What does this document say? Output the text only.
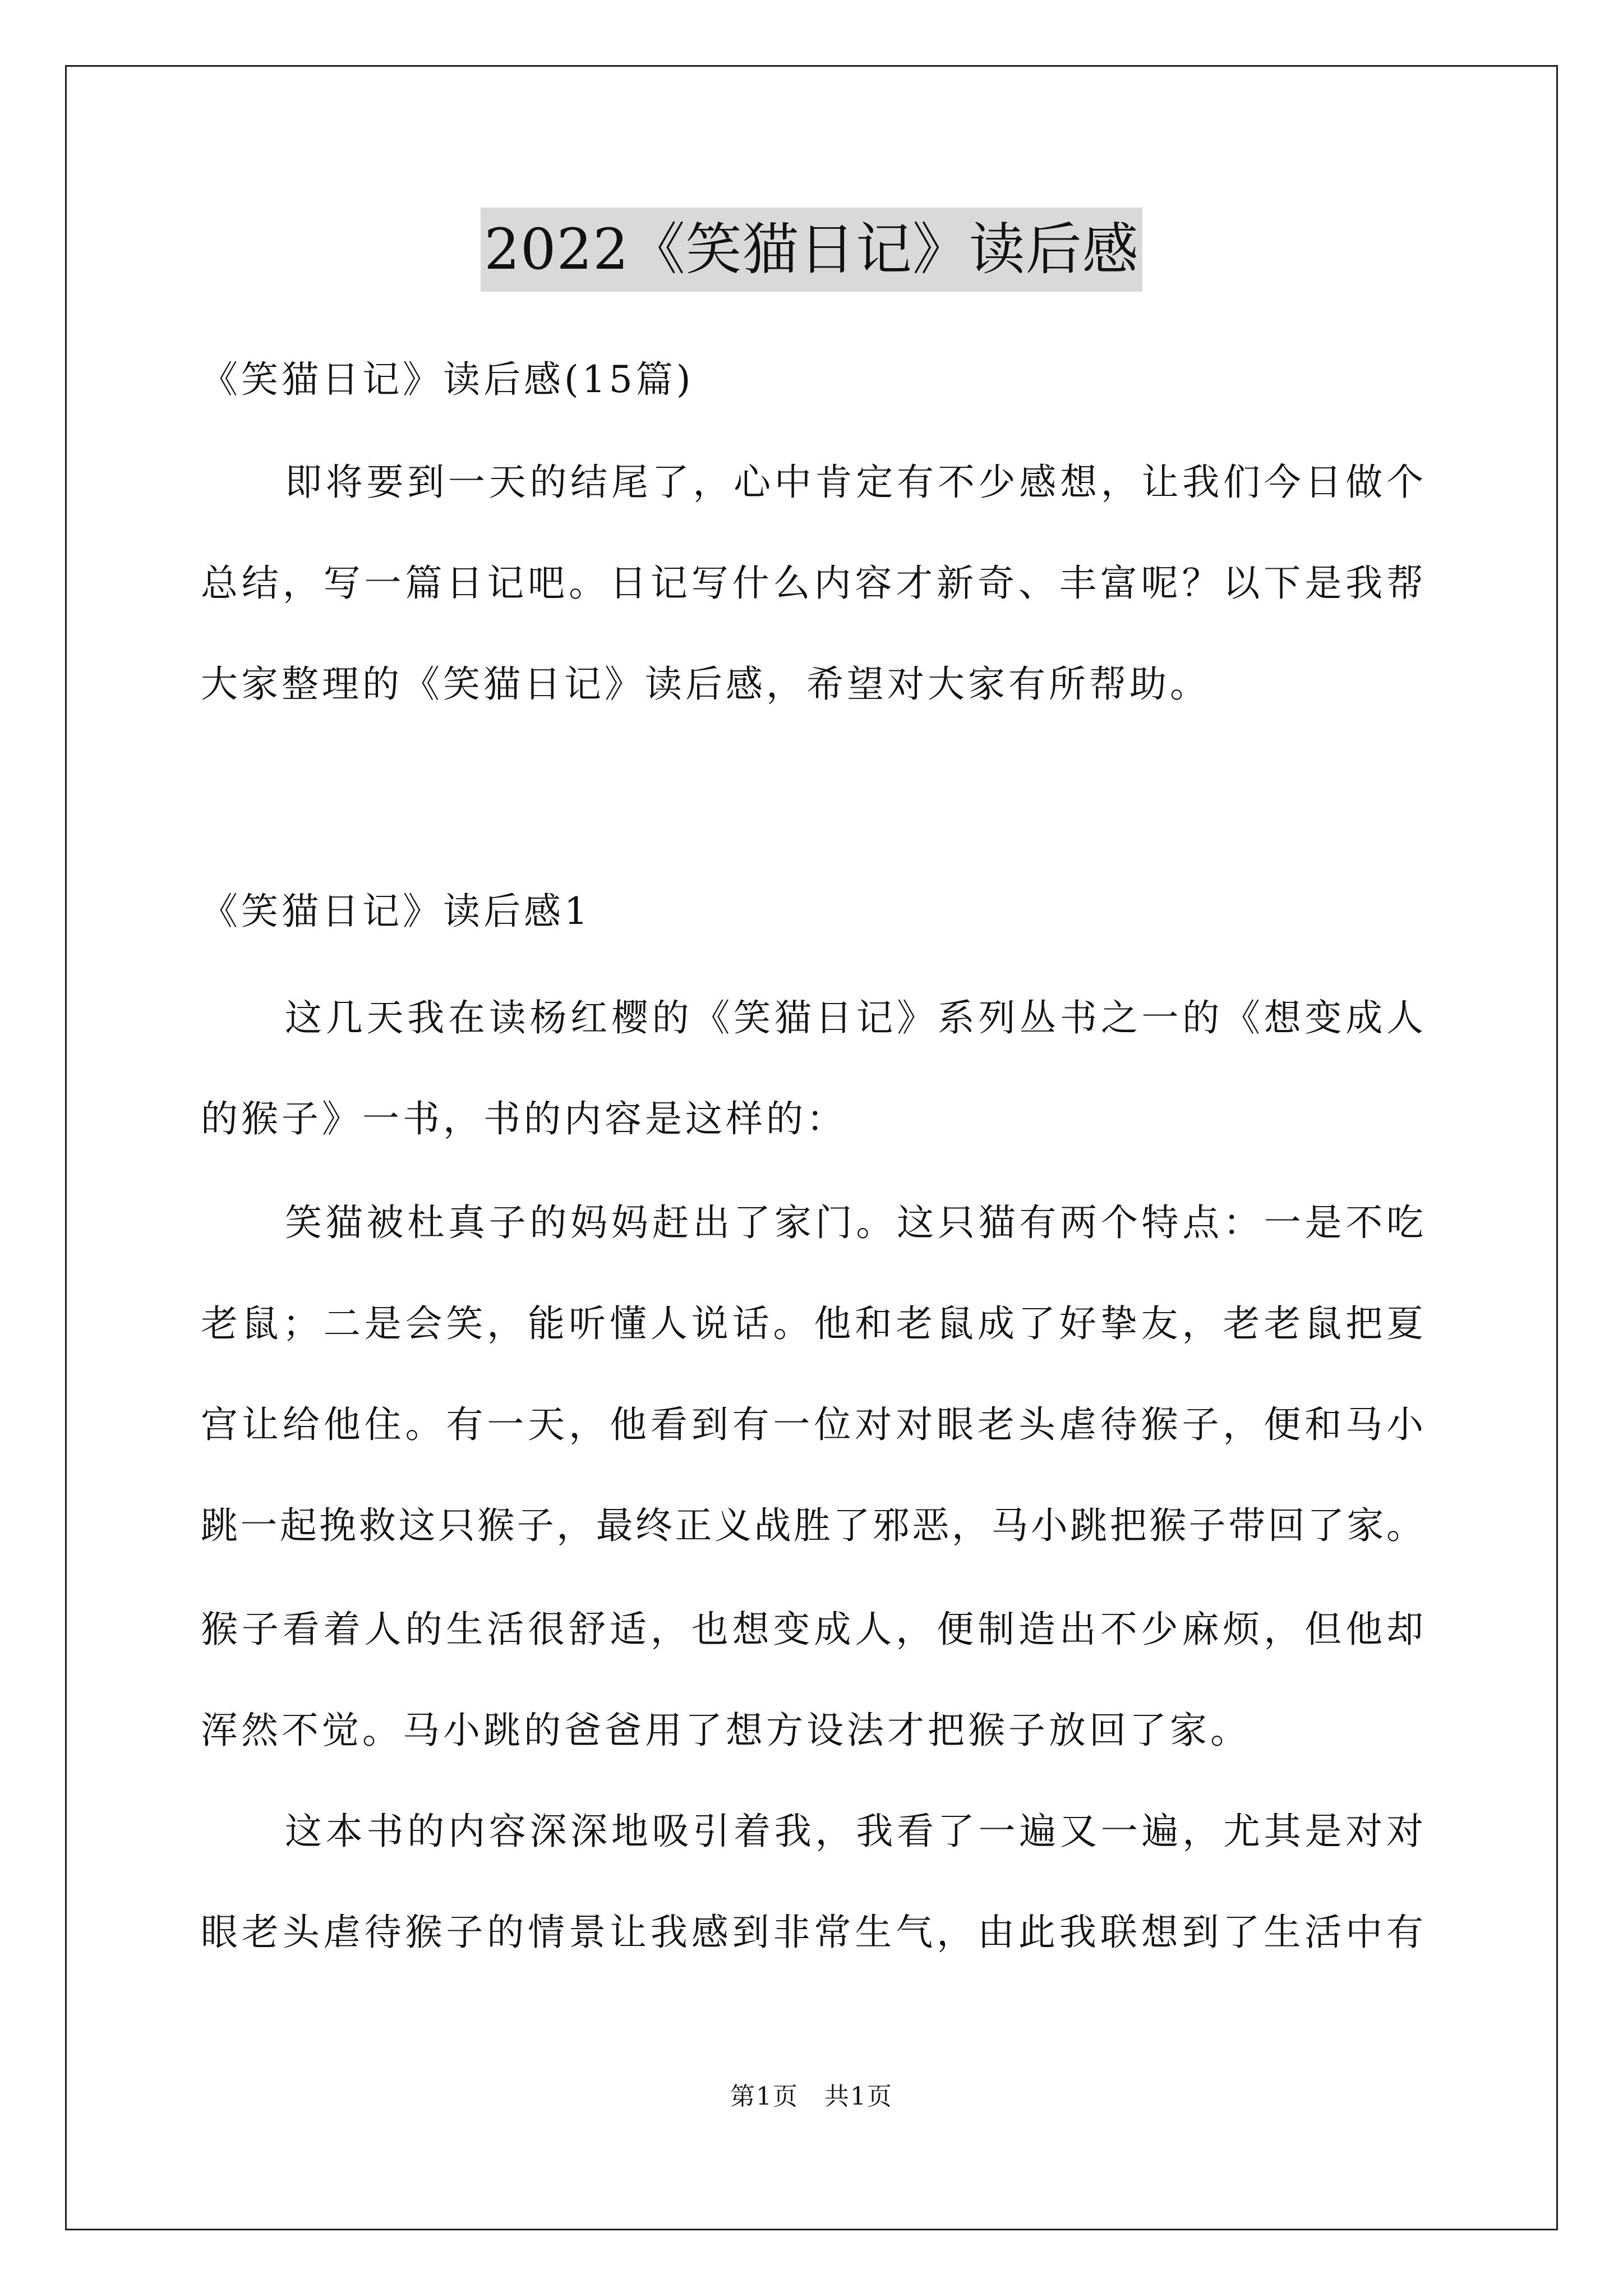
2022《笑猫日记》读后感
《笑猫日记》读后感(15篇)
即将要到一天的结尾了，心中肯定有不少感想，让我们今日做个
总结，写一篇日记吧。日记写什么内容才新奇、丰富呢？以下是我帮
大家整理的《笑猫日记》读后感，希望对大家有所帮助。
《笑猫日记》读后感1
这几天我在读杨红樱的《笑猫日记》系列丛书之一的《想变成人
的猴子》一书，书的内容是这样的：
笑猫被杜真子的妈妈赶出了家门。这只猫有两个特点：一是不吃
老鼠；二是会笑，能听懂人说话。他和老鼠成了好挚友，老老鼠把夏
宫让给他住。有一天，他看到有一位对对眼老头虐待猴子，便和马小
跳一起挽救这只猴子，最终正义战胜了邪恶，马小跳把猴子带回了家。
猴子看着人的生活很舒适，也想变成人，便制造出不少麻烦，但他却
浑然不觉。马小跳的爸爸用了想方设法才把猴子放回了家。
这本书的内容深深地吸引着我，我看了一遍又一遍，尤其是对对
眼老头虐待猴子的情景让我感到非常生气，由此我联想到了生活中有
第1页　共1页
